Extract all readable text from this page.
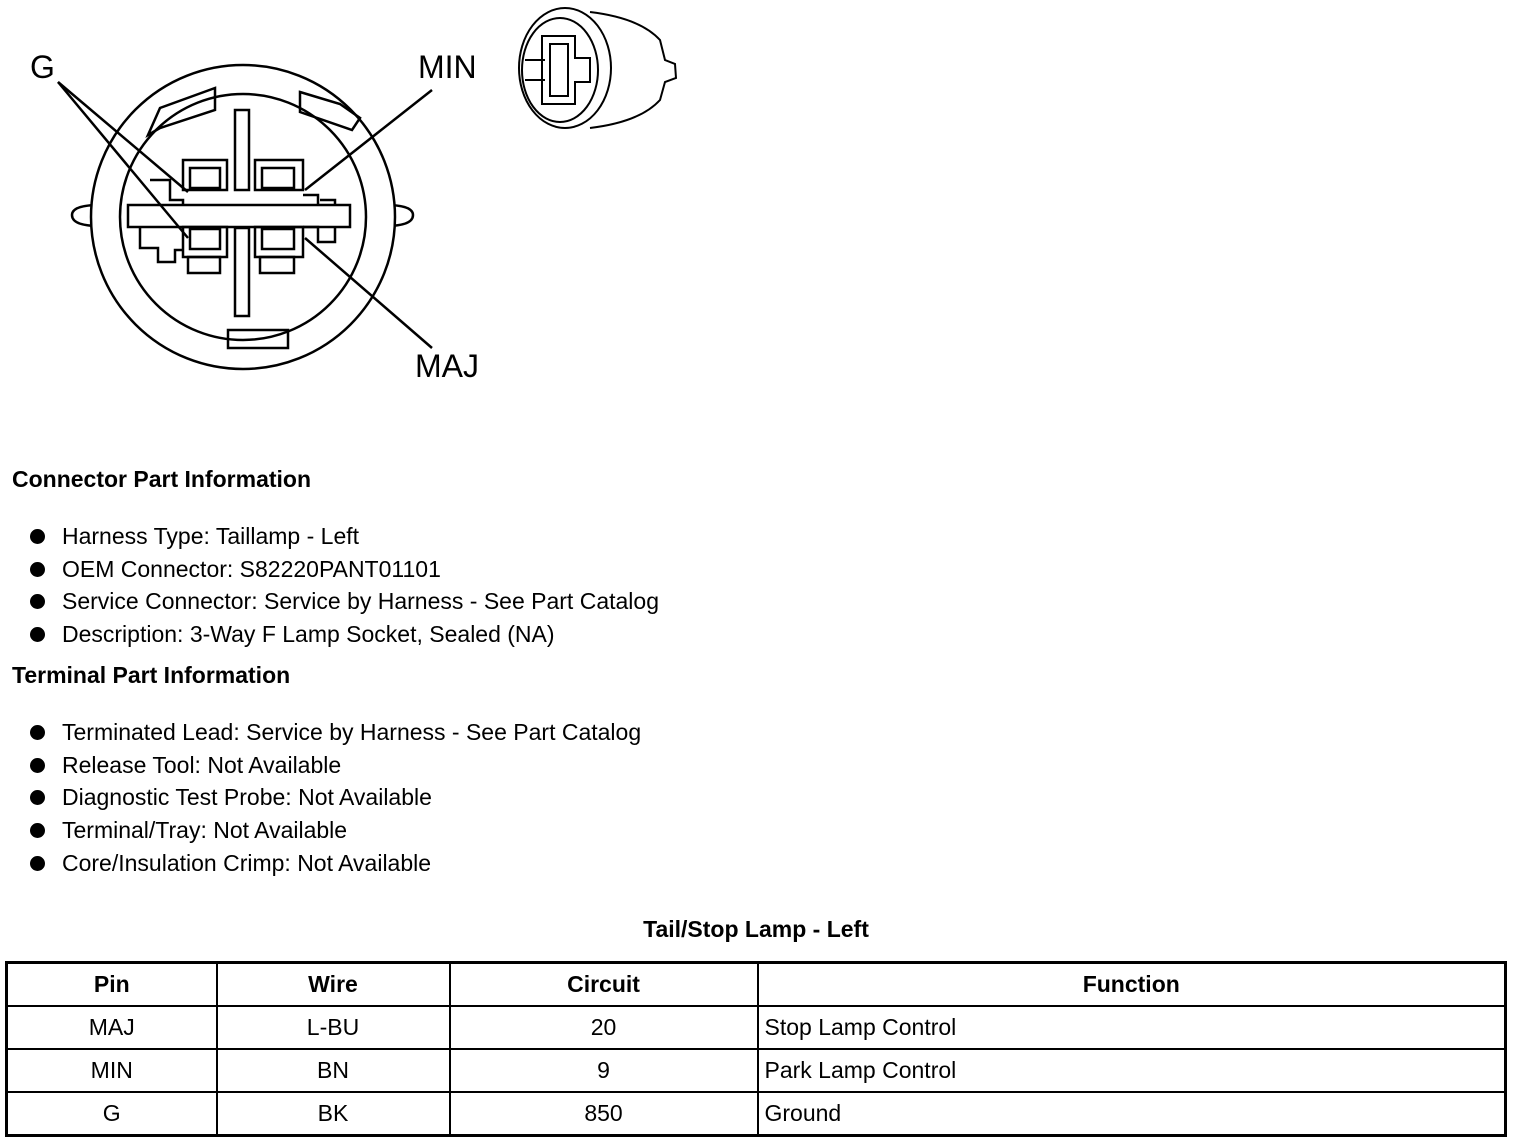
G	MIN
MAJ
Connector Part Information
Harness Type: Taillamp - Left
OEM Connector: S82220PANT01101
Service Connector: Service by Harness - See Part Catalog
Description: 3-Way F Lamp Socket, Sealed (NA)
Terminal Part Information
Terminated Lead: Service by Harness - See Part Catalog
Release Tool: Not Available
Diagnostic Test Probe: Not Available
Terminal/Tray: Not Available
Core/Insulation Crimp: Not Available
Tail/Stop Lamp - Left
Pin	Wire	Circuit	Function
MAJ	L-BU	20	Stop Lamp Control
MIN	BN	9	Park Lamp Control
G	BK	850	Ground
